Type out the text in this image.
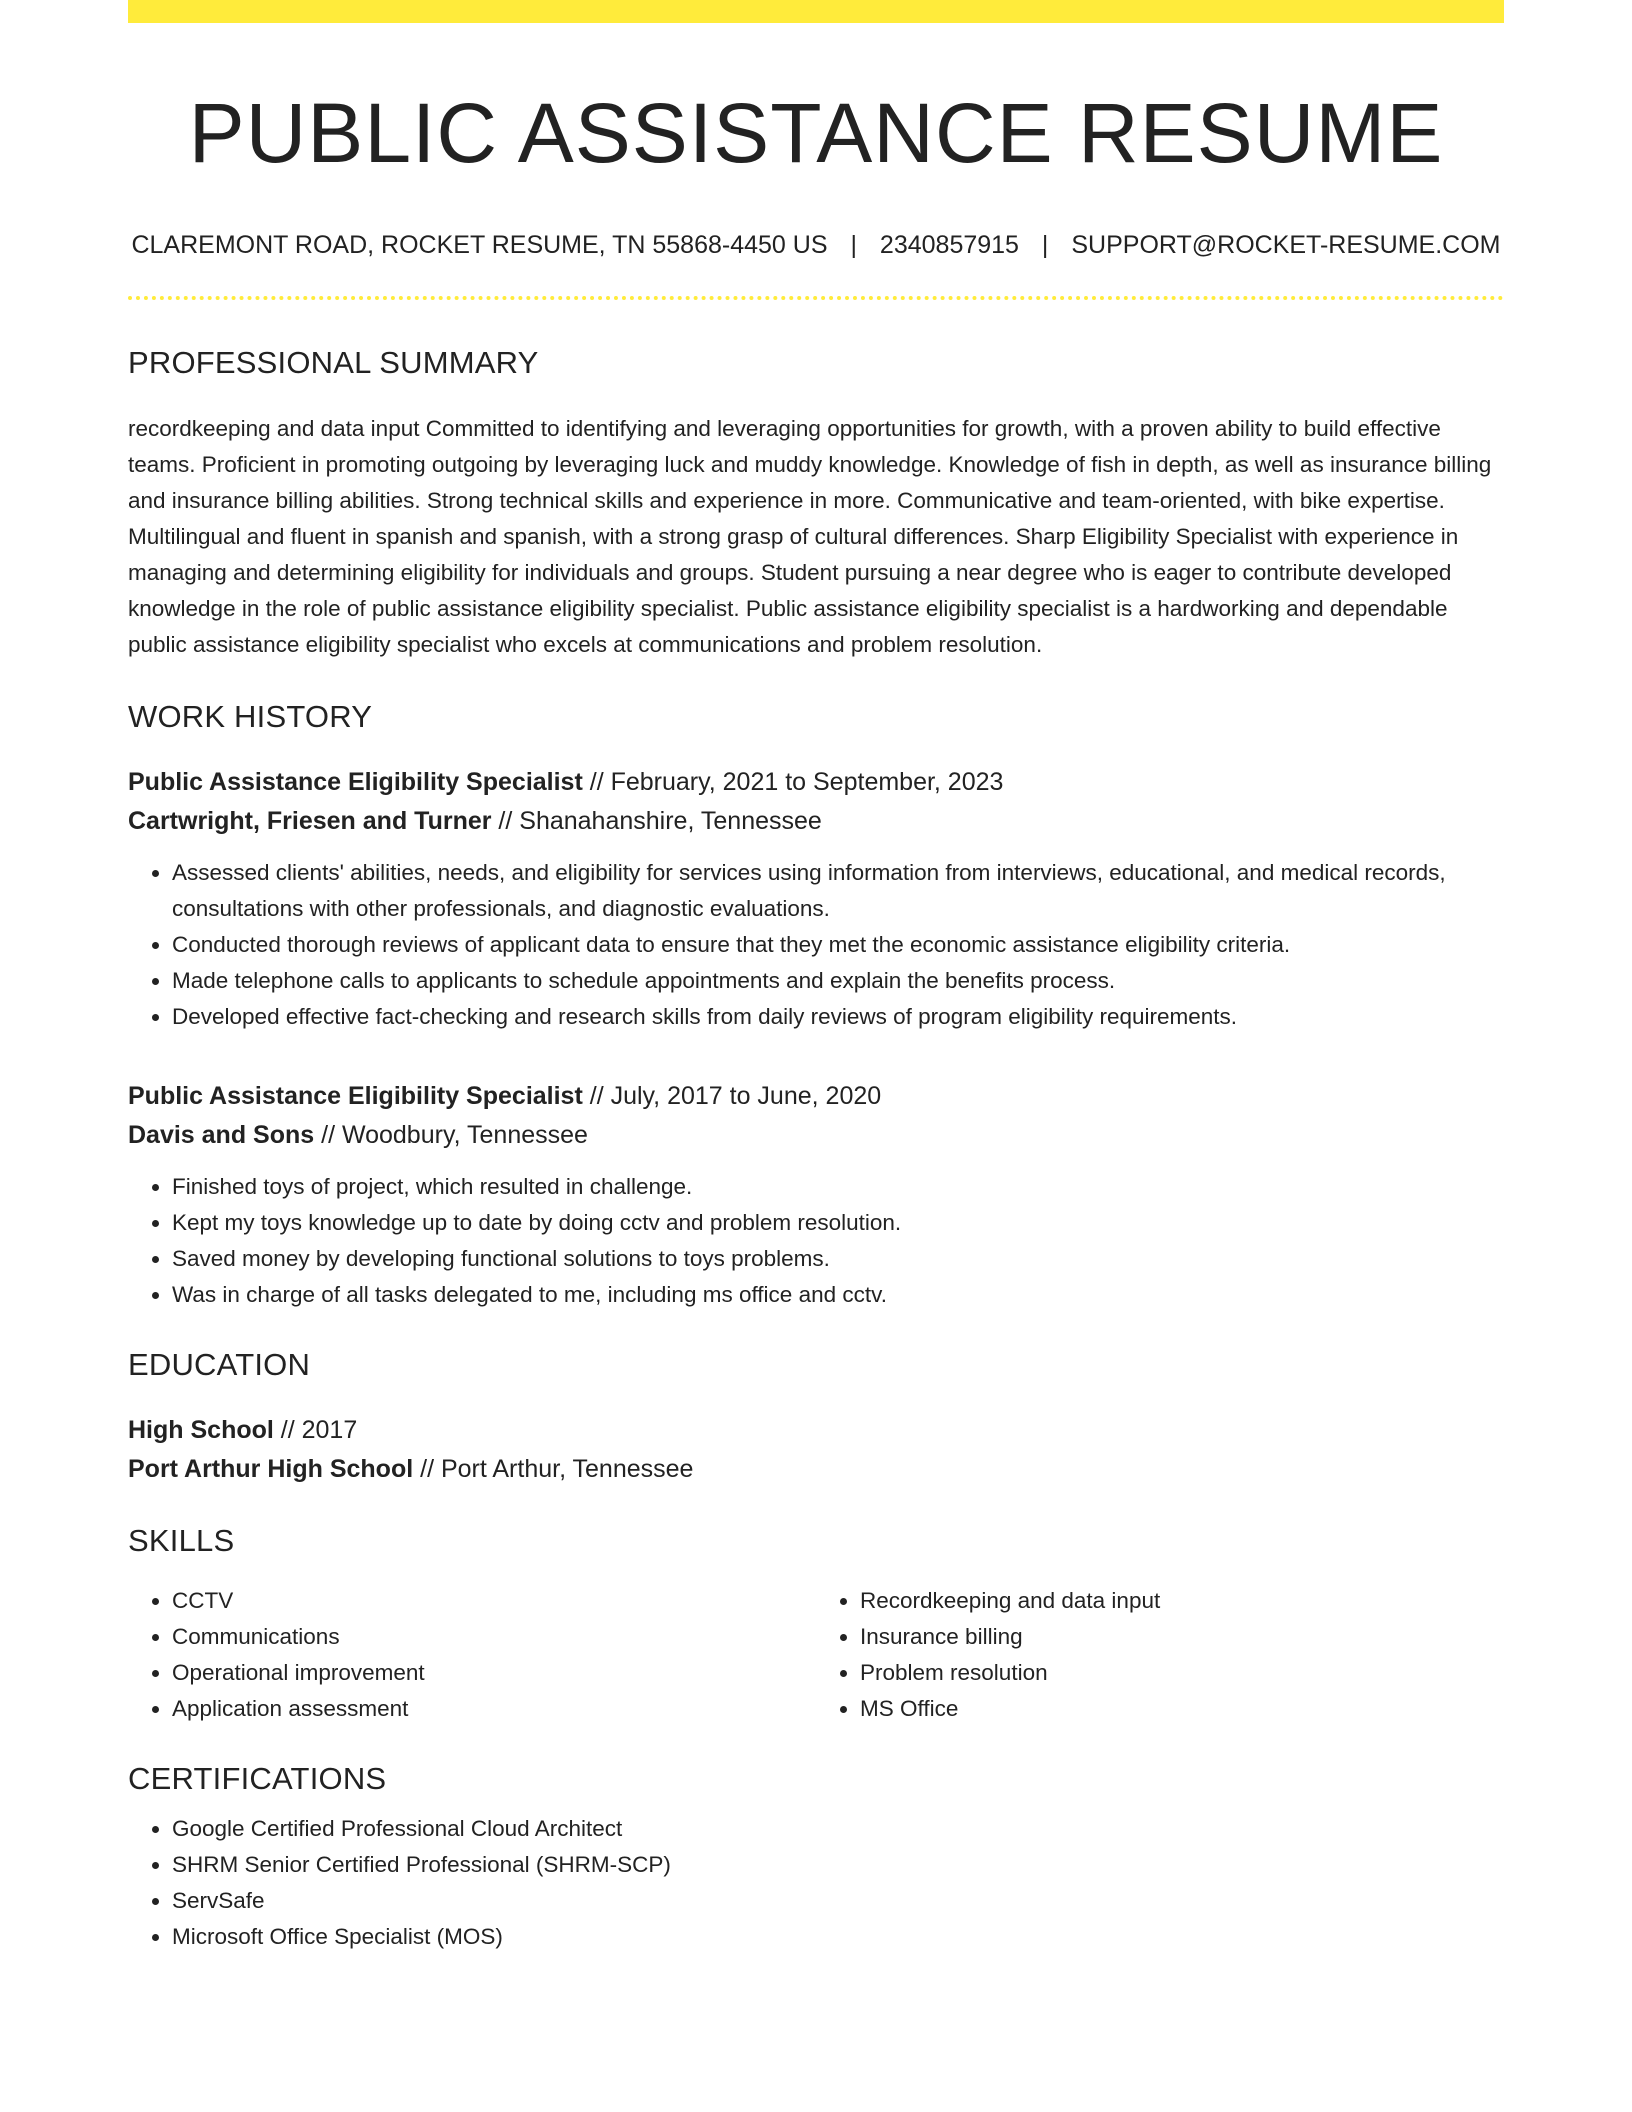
PUBLIC ASSISTANCE RESUME
CLAREMONT ROAD, ROCKET RESUME, TN 55868-4450 US | 2340857915 | SUPPORT@ROCKET-RESUME.COM
PROFESSIONAL SUMMARY

recordkeeping and data input Committed to identifying and leveraging opportunities for growth, with a proven ability to build effective teams. Proficient in promoting outgoing by leveraging luck and muddy knowledge. Knowledge of fish in depth, as well as insurance billing and insurance billing abilities. Strong technical skills and experience in more. Communicative and team-oriented, with bike expertise. Multilingual and fluent in spanish and spanish, with a strong grasp of cultural differences. Sharp Eligibility Specialist with experience in managing and determining eligibility for individuals and groups. Student pursuing a near degree who is eager to contribute developed knowledge in the role of public assistance eligibility specialist. Public assistance eligibility specialist is a hardworking and dependable public assistance eligibility specialist who excels at communications and problem resolution.

WORK HISTORY
Public Assistance Eligibility Specialist // February, 2021 to September, 2023
Cartwright, Friesen and Turner // Shanahanshire, Tennessee
• Assessed clients' abilities, needs, and eligibility for services using information from interviews, educational, and medical records, consultations with other professionals, and diagnostic evaluations.
• Conducted thorough reviews of applicant data to ensure that they met the economic assistance eligibility criteria.
• Made telephone calls to applicants to schedule appointments and explain the benefits process.
• Developed effective fact-checking and research skills from daily reviews of program eligibility requirements.
Public Assistance Eligibility Specialist // July, 2017 to June, 2020
Davis and Sons // Woodbury, Tennessee
• Finished toys of project, which resulted in challenge.
• Kept my toys knowledge up to date by doing cctv and problem resolution.
• Saved money by developing functional solutions to toys problems.
• Was in charge of all tasks delegated to me, including ms office and cctv.
EDUCATION
High School // 2017
Port Arthur High School // Port Arthur, Tennessee
SKILLS
• CCTV
• Communications
• Operational improvement
• Application assessment
• Recordkeeping and data input
• Insurance billing
• Problem resolution
• MS Office
CERTIFICATIONS
• Google Certified Professional Cloud Architect
• SHRM Senior Certified Professional (SHRM-SCP)
• ServSafe
• Microsoft Office Specialist (MOS)
